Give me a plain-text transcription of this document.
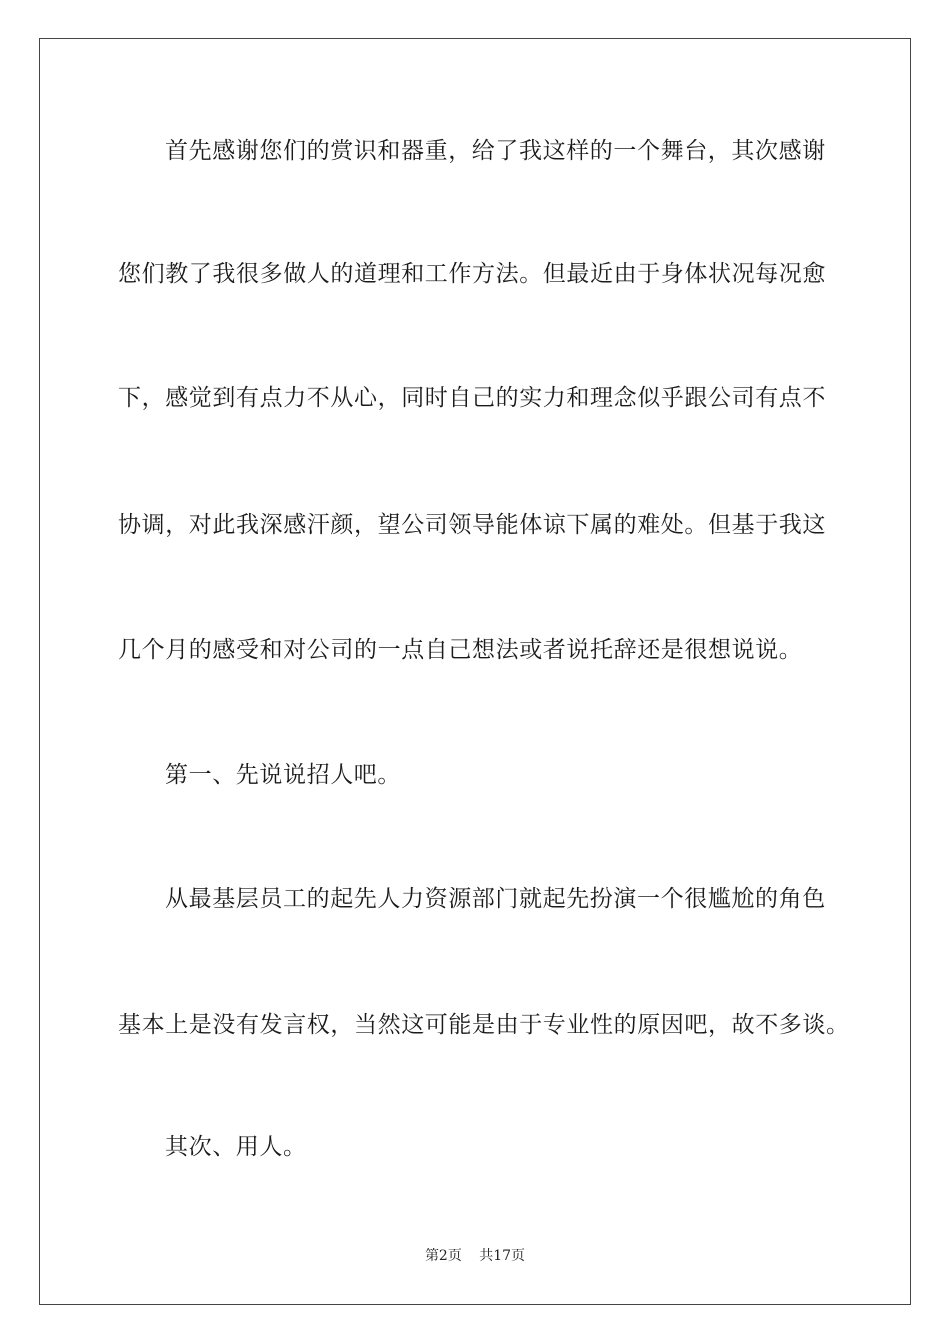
首先感谢您们的赏识和器重，给了我这样的一个舞台，其次感谢
您们教了我很多做人的道理和工作方法。但最近由于身体状况每况愈
下，感觉到有点力不从心，同时自己的实力和理念似乎跟公司有点不
协调，对此我深感汗颜，望公司领导能体谅下属的难处。但基于我这
几个月的感受和对公司的一点自己想法或者说托辞还是很想说说。
第一、先说说招人吧。
从最基层员工的起先人力资源部门就起先扮演一个很尴尬的角色
基本上是没有发言权，当然这可能是由于专业性的原因吧，故不多谈。
其次、用人。
第2页 共17页
